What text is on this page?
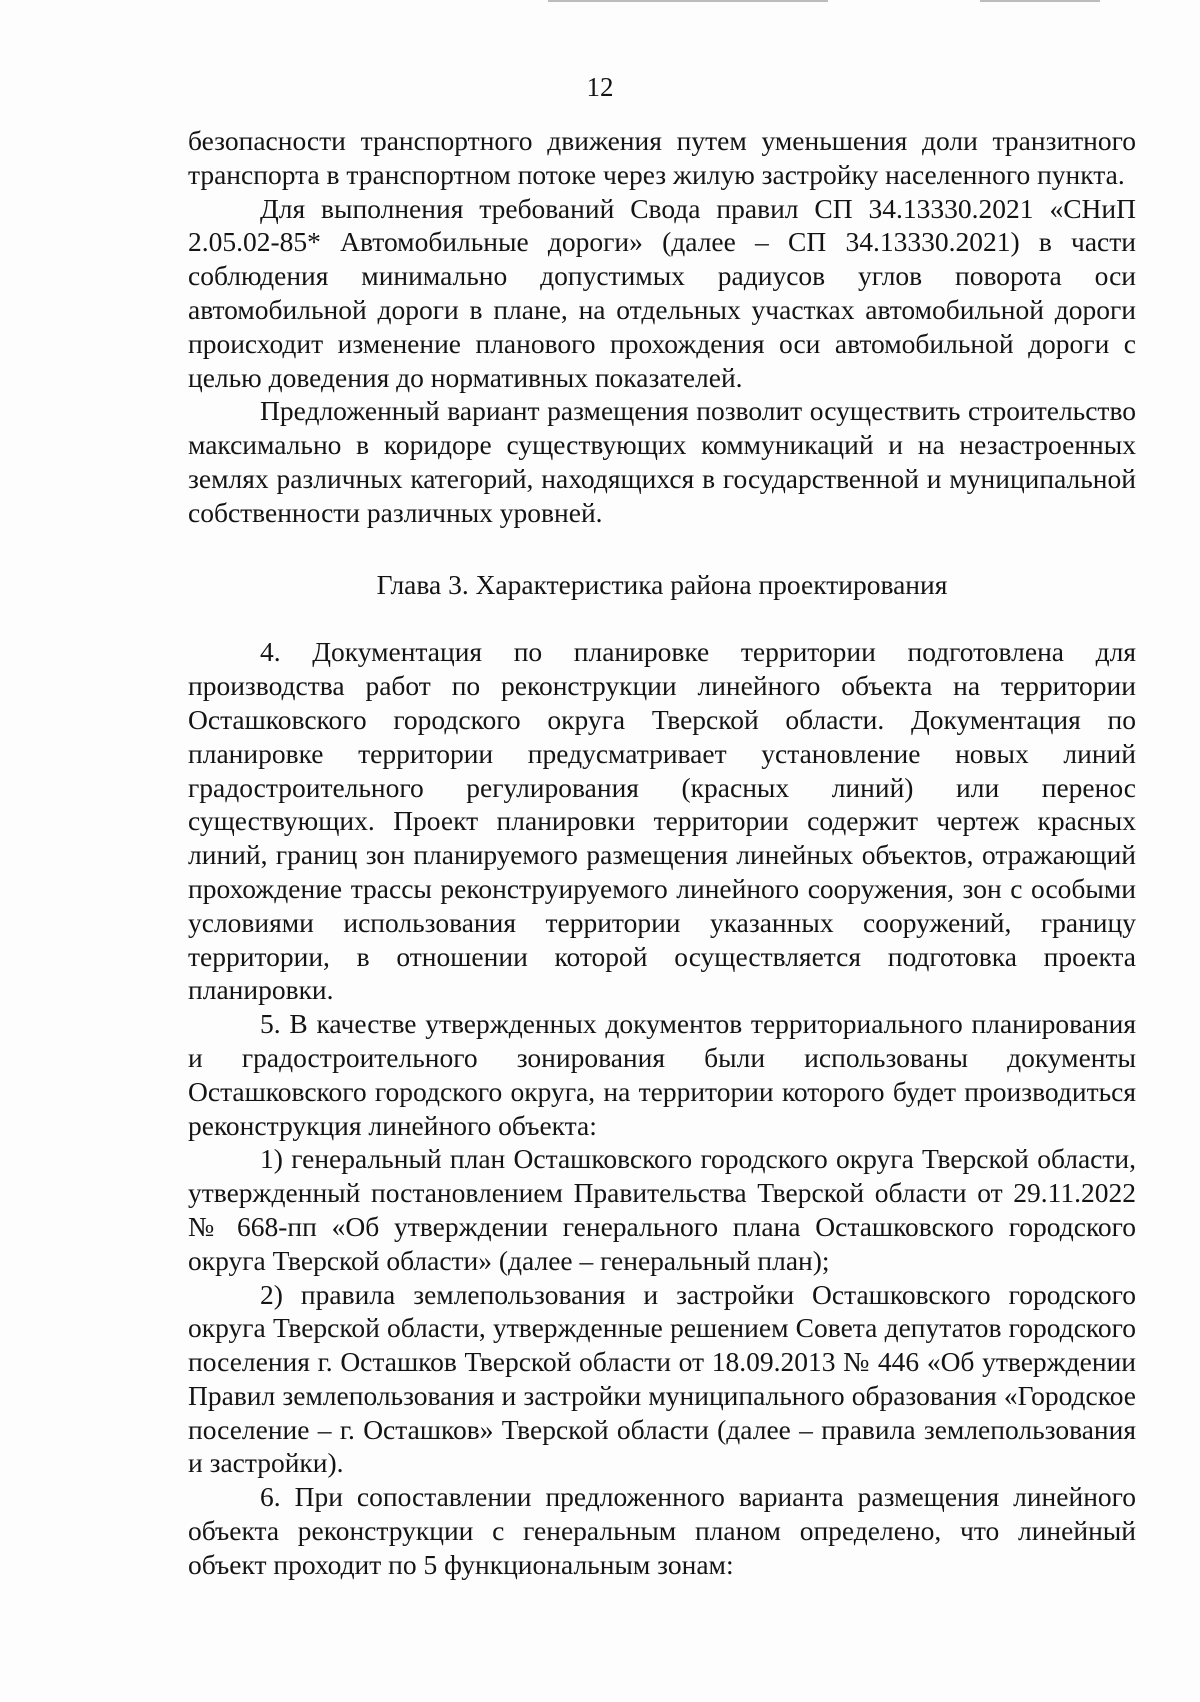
12

безопасности транспортного движения путем уменьшения доли транзитного транспорта в транспортном потоке через жилую застройку населенного пункта.

Для выполнения требований Свода правил СП 34.13330.2021 «СНиП 2.05.02-85* Автомобильные дороги» (далее – СП 34.13330.2021) в части соблюдения минимально допустимых радиусов углов поворота оси автомобильной дороги в плане, на отдельных участках автомобильной дороги происходит изменение планового прохождения оси автомобильной дороги с целью доведения до нормативных показателей.

Предложенный вариант размещения позволит осуществить строительство максимально в коридоре существующих коммуникаций и на незастроенных землях различных категорий, находящихся в государственной и муниципальной собственности различных уровней.

Глава 3. Характеристика района проектирования

4. Документация по планировке территории подготовлена для производства работ по реконструкции линейного объекта на территории Осташковского городского округа Тверской области. Документация по планировке территории предусматривает установление новых линий градостроительного регулирования (красных линий) или перенос существующих. Проект планировки территории содержит чертеж красных линий, границ зон планируемого размещения линейных объектов, отражающий прохождение трассы реконструируемого линейного сооружения, зон с особыми условиями использования территории указанных сооружений, границу территории, в отношении которой осуществляется подготовка проекта планировки.

5. В качестве утвержденных документов территориального планирования и градостроительного зонирования были использованы документы Осташковского городского округа, на территории которого будет производиться реконструкция линейного объекта:

1) генеральный план Осташковского городского округа Тверской области, утвержденный постановлением Правительства Тверской области от 29.11.2022 № 668-пп «Об утверждении генерального плана Осташковского городского округа Тверской области» (далее – генеральный план);

2) правила землепользования и застройки Осташковского городского округа Тверской области, утвержденные решением Совета депутатов городского поселения г. Осташков Тверской области от 18.09.2013 № 446 «Об утверждении Правил землепользования и застройки муниципального образования «Городское поселение – г. Осташков» Тверской области (далее – правила землепользования и застройки).

6. При сопоставлении предложенного варианта размещения линейного объекта реконструкции с генеральным планом определено, что линейный объект проходит по 5 функциональным зонам:
